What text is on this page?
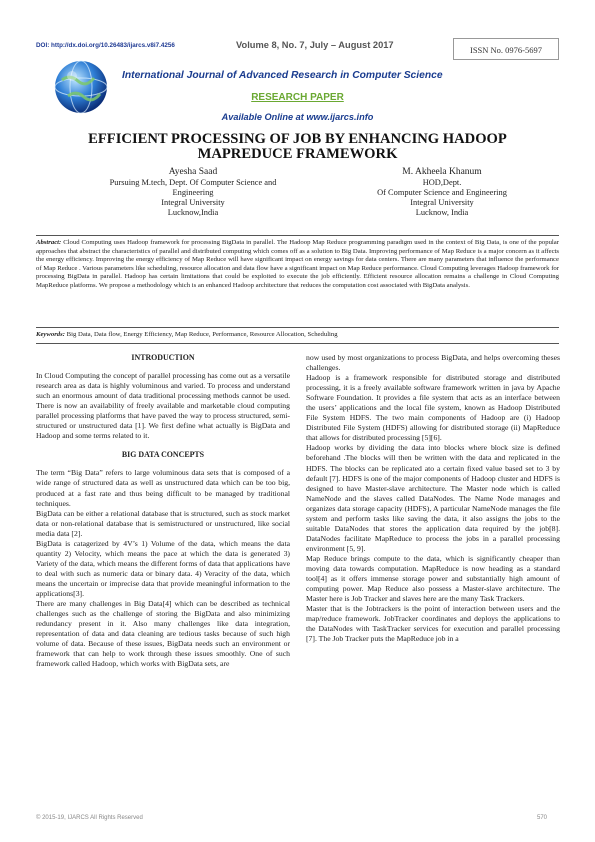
DOI: http://dx.doi.org/10.26483/ijarcs.v8i7.4256	Volume 8, No. 7, July – August 2017	ISSN No. 0976-5697
International Journal of Advanced Research in Computer Science
RESEARCH PAPER
Available Online at www.ijarcs.info
EFFICIENT PROCESSING OF JOB BY ENHANCING HADOOP MAPREDUCE FRAMEWORK
Ayesha Saad
Pursuing M.tech, Dept. Of Computer Science and
Engineering
Integral University
Lucknow,India
M. Akheela Khanum
HOD,Dept.
Of Computer Science and Engineering
Integral University
Lucknow, India
Abstract: Cloud Computing uses Hadoop framework for processing BigData in parallel. The Hadoop Map Reduce programming paradigm used in the context of Big Data, is one of the popular approaches that abstract the characteristics of parallel and distributed computing which comes off as a solution to Big Data. Improving performance of Map Reduce is a major concern as it affects the energy efficiency. Improving the energy efficiency of Map Reduce will have significant impact on energy savings for data centers. There are many parameters that influence the performance of Map Reduce . Various parameters like scheduling, resource allocation and data flow have a significant impact on Map Reduce performance. Cloud Computing leverages Hadoop framework for processing BigData in parallel. Hadoop has certain limitations that could be exploited to execute the job efficiently. Efficient resource allocation remains a challenge in Cloud Computing MapReduce platforms. We propose a methodology which is an enhanced Hadoop architecture that reduces the computation cost associated with BigData analysis.
Keywords: Big Data, Data flow, Energy Efficiency, Map Reduce, Performance, Resource Allocation, Scheduling
INTRODUCTION

In Cloud Computing the concept of parallel processing has come out as a versatile research area as data is highly voluminous and varied. To process and understand such an enormous amount of data traditional processing methods cannot be used. There is now an availability of freely available and marketable cloud computing parallel processing platforms that have paved the way to process structured, semi-structured or unstructured data [1]. We first define what actually is BigData and Hadoop and some terms related to it.

BIG DATA CONCEPTS

The term “Big Data” refers to large voluminous data sets that is composed of a wide range of structured data as well as unstructured data which can be too big, produced at a fast rate and thus being difficult to be managed by traditional techniques.

BigData can be either a relational database that is structured, such as stock market data or non-relational database that is semistructured or unstructured, like social media data [2].

BigData is catagerized by 4V’s 1) Volume of the data, which means the data quantity 2) Velocity, which means the pace at which the data is generated 3) Variety of the data, which means the different forms of data that applications have to deal with such as numeric data or binary data. 4) Veracity of the data, which means the uncertain or imprecise data that provide meaningful information to the applications[3].

There are many challenges in Big Data[4] which can be described as technical challenges such as the challenge of storing the BigData and also minimizing redundancy present in it. Also many challenges like data integration, representation of data and data cleaning are tedious tasks because of such high volume of data. Because of these issues, BigData needs such an environment or framework that can help to work through these issues smoothly. One of such framework called Hadoop, which works with BigData sets, are

now used by most organizations to process BigData, and helps overcoming theses challenges.

Hadoop is a framework responsible for distributed storage and distributed processing, it is a freely available software framework written in java by Apache Software Foundation. It provides a file system that acts as an interface between the users’ applications and the local file system, known as Hadoop Distributed File System HDFS. The two main components of Hadoop are (i) Hadoop Distributed File System (HDFS) allowing for distributed storage (ii) MapReduce that allows for distributed processing [5][6].

Hadoop works by dividing the data into blocks where block size is defined beforehand .The blocks will then be written with the data and replicated in the HDFS. The blocks can be replicated ato a certain fixed value based set to 3 by default [7]. HDFS is one of the major components of Hadoop cluster and HDFS is designed to have Master-slave architecture. The Master node which is called NameNode and the slaves called DataNodes. The Name Node manages and organizes data storage capacity (HDFS), A particular NameNode manages the file system and perform tasks like saving the data, it also assigns the jobs to the suitable DataNodes that stores the application data required by the job[8]. DataNodes facilitate MapReduce to process the jobs in a parallel processing environment [5, 9].

Map Reduce brings compute to the data, which is significantly cheaper than moving data towards computation. MapReduce is now heading as a standard tool[4] as it offers immense storage power and substantially high amount of computing power. Map Reduce also possess a Master-slave architecture. The Master here is Job Tracker and slaves here are the many Task Trackers.

Master that is the Jobtrackers is the point of interaction between users and the map/reduce framework. JobTracker coordinates and deploys the applications to the DataNodes with TaskTracker services for execution and parallel processing [7]. The Job Tracker puts the MapReduce job in a

© 2015-19, IJARCS All Rights Reserved	570
